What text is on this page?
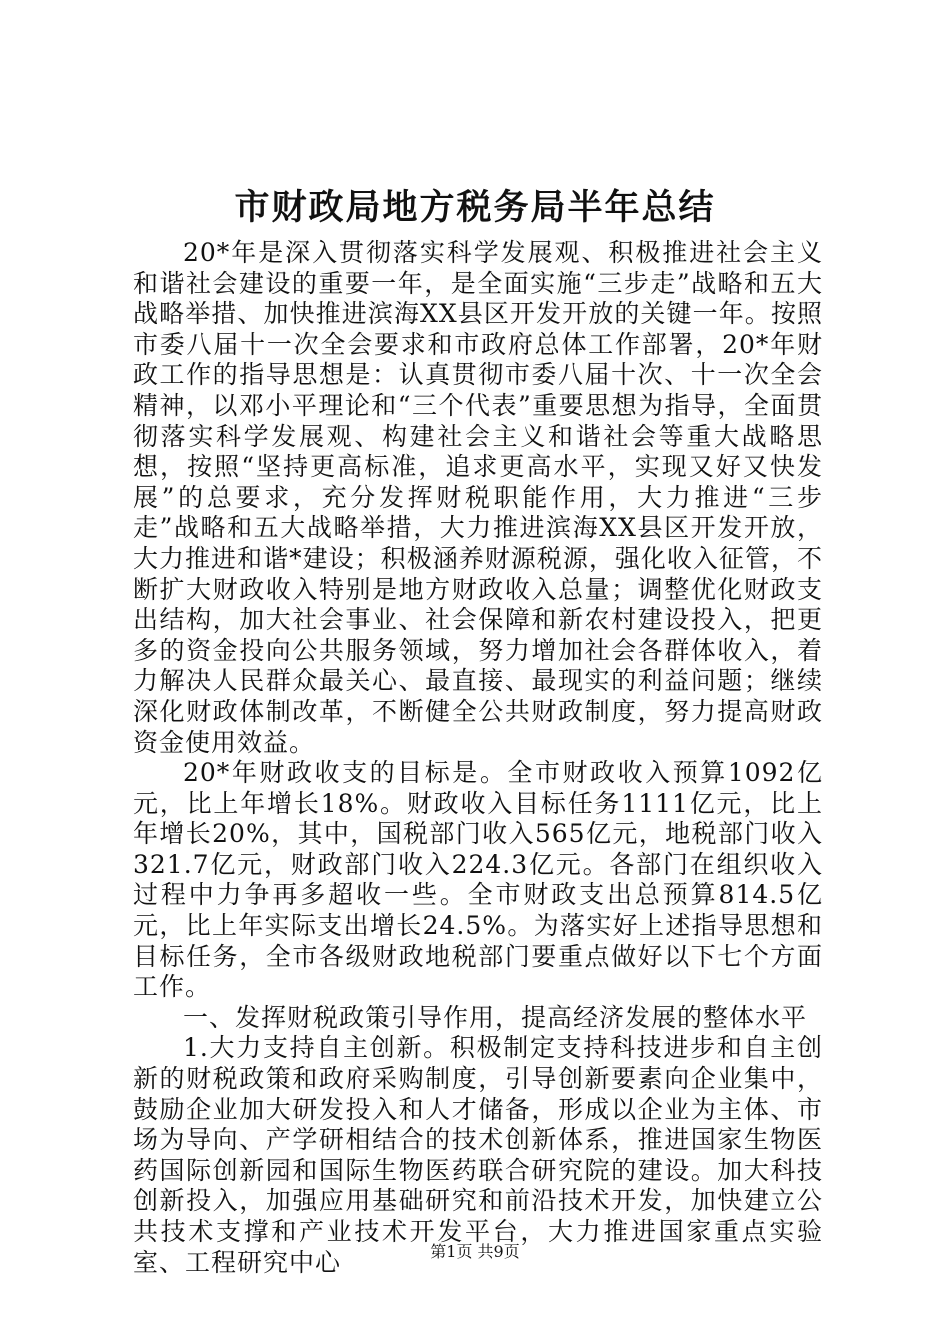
市财政局地方税务局半年总结

20*年是深入贯彻落实科学发展观、积极推进社会主义和谐社会建设的重要一年，是全面实施“三步走”战略和五大战略举措、加快推进滨海XX县区开发开放的关键一年。按照市委八届十一次全会要求和市政府总体工作部署，20*年财政工作的指导思想是：认真贯彻市委八届十次、十一次全会精神，以邓小平理论和“三个代表”重要思想为指导，全面贯彻落实科学发展观、构建社会主义和谐社会等重大战略思想，按照“坚持更高标准，追求更高水平，实现又好又快发展”的总要求，充分发挥财税职能作用，大力推进“三步走”战略和五大战略举措，大力推进滨海XX县区开发开放，大力推进和谐*建设；积极涵养财源税源，强化收入征管，不断扩大财政收入特别是地方财政收入总量；调整优化财政支出结构，加大社会事业、社会保障和新农村建设投入，把更多的资金投向公共服务领域，努力增加社会各群体收入，着力解决人民群众最关心、最直接、最现实的利益问题；继续深化财政体制改革，不断健全公共财政制度，努力提高财政资金使用效益。

20*年财政收支的目标是。全市财政收入预算1092亿元，比上年增长18%。财政收入目标任务1111亿元，比上年增长20%，其中，国税部门收入565亿元，地税部门收入321.7亿元，财政部门收入224.3亿元。各部门在组织收入过程中力争再多超收一些。全市财政支出总预算814.5亿元，比上年实际支出增长24.5%。为落实好上述指导思想和目标任务，全市各级财政地税部门要重点做好以下七个方面工作。

一、发挥财税政策引导作用，提高经济发展的整体水平

1.大力支持自主创新。积极制定支持科技进步和自主创新的财税政策和政府采购制度，引导创新要素向企业集中，鼓励企业加大研发投入和人才储备，形成以企业为主体、市场为导向、产学研相结合的技术创新体系，推进国家生物医药国际创新园和国际生物医药联合研究院的建设。加大科技创新投入，加强应用基础研究和前沿技术开发，加快建立公共技术支撑和产业技术开发平台，大力推进国家重点实验室、工程研究中心	第1页 共9页
